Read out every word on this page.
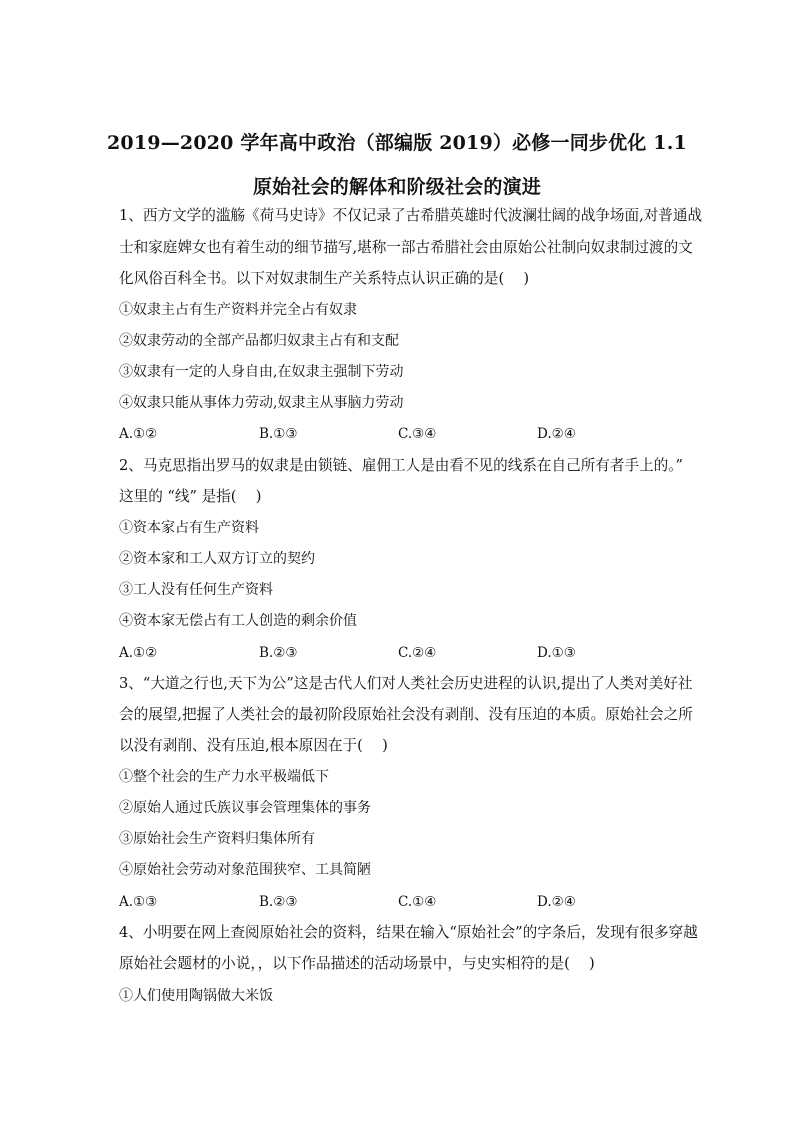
2019—2020 学年高中政治（部编版 2019）必修一同步优化 1.1
原始社会的解体和阶级社会的演进
1、西方文学的滥觞《荷马史诗》不仅记录了古希腊英雄时代波澜壮阔的战争场面,对普通战
士和家庭婢女也有着生动的细节描写,堪称一部古希腊社会由原始公社制向奴隶制过渡的文
化风俗百科全书。以下对奴隶制生产关系特点认识正确的是(　 )
①奴隶主占有生产资料并完全占有奴隶
②奴隶劳动的全部产品都归奴隶主占有和支配
③奴隶有一定的人身自由,在奴隶主强制下劳动
④奴隶只能从事体力劳动,奴隶主从事脑力劳动
A.①②	B.①③	C.③④	D.②④
2、马克思指出罗马的奴隶是由锁链、雇佣工人是由看不见的线系在自己所有者手上的。”
这里的 “线” 是指(　 )
①资本家占有生产资料
②资本家和工人双方订立的契约
③工人没有任何生产资料
④资本家无偿占有工人创造的剩余价值
A.①②	B.②③	C.②④	D.①③
3、“大道之行也,天下为公”这是古代人们对人类社会历史进程的认识,提出了人类对美好社
会的展望,把握了人类社会的最初阶段原始社会没有剥削、没有压迫的本质。原始社会之所
以没有剥削、没有压迫,根本原因在于(　 )
①整个社会的生产力水平极端低下
②原始人通过氏族议事会管理集体的事务
③原始社会生产资料归集体所有
④原始社会劳动对象范围狭窄、工具简陋
A.①③	B.②③	C.①④	D.②④
4、小明要在网上查阅原始社会的资料，结果在输入“原始社会”的字条后，发现有很多穿越
原始社会题材的小说，，以下作品描述的活动场景中，与史实相符的是(　 )
①人们使用陶锅做大米饭
